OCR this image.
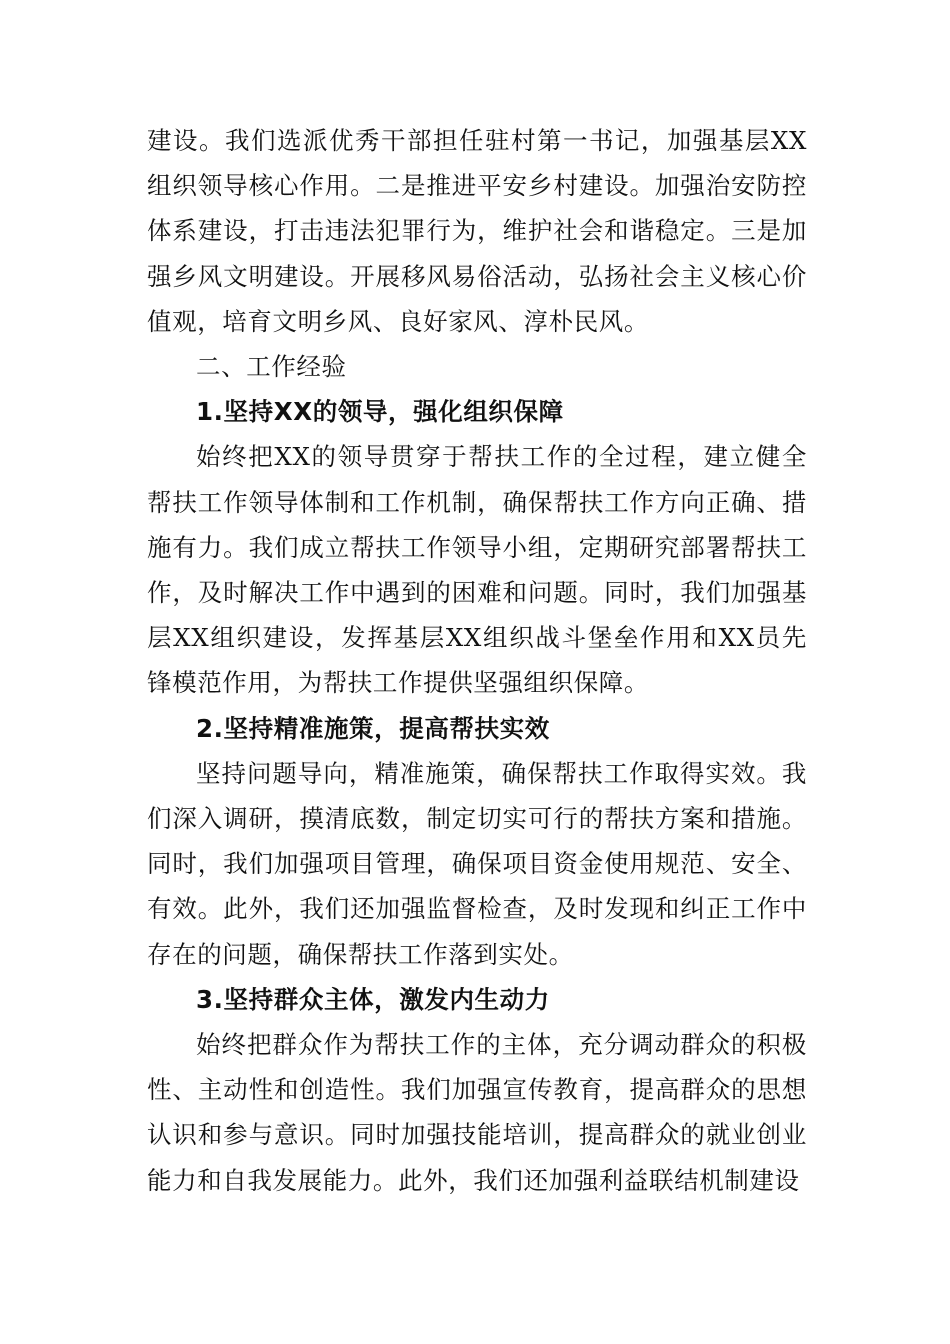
建设。我们选派优秀干部担任驻村第一书记，加强基层XX组织领导核心作用。二是推进平安乡村建设。加强治安防控体系建设，打击违法犯罪行为，维护社会和谐稳定。三是加强乡风文明建设。开展移风易俗活动，弘扬社会主义核心价值观，培育文明乡风、良好家风、淳朴民风。

二、工作经验

1.坚持XX的领导，强化组织保障

始终把XX的领导贯穿于帮扶工作的全过程，建立健全帮扶工作领导体制和工作机制，确保帮扶工作方向正确、措施有力。我们成立帮扶工作领导小组，定期研究部署帮扶工作，及时解决工作中遇到的困难和问题。同时，我们加强基层XX组织建设，发挥基层XX组织战斗堡垒作用和XX员先锋模范作用，为帮扶工作提供坚强组织保障。

2.坚持精准施策，提高帮扶实效

坚持问题导向，精准施策，确保帮扶工作取得实效。我们深入调研，摸清底数，制定切实可行的帮扶方案和措施。同时，我们加强项目管理，确保项目资金使用规范、安全、有效。此外，我们还加强监督检查，及时发现和纠正工作中存在的问题，确保帮扶工作落到实处。

3.坚持群众主体，激发内生动力

始终把群众作为帮扶工作的主体，充分调动群众的积极性、主动性和创造性。我们加强宣传教育，提高群众的思想认识和参与意识。同时加强技能培训，提高群众的就业创业能力和自我发展能力。此外，我们还加强利益联结机制建设
